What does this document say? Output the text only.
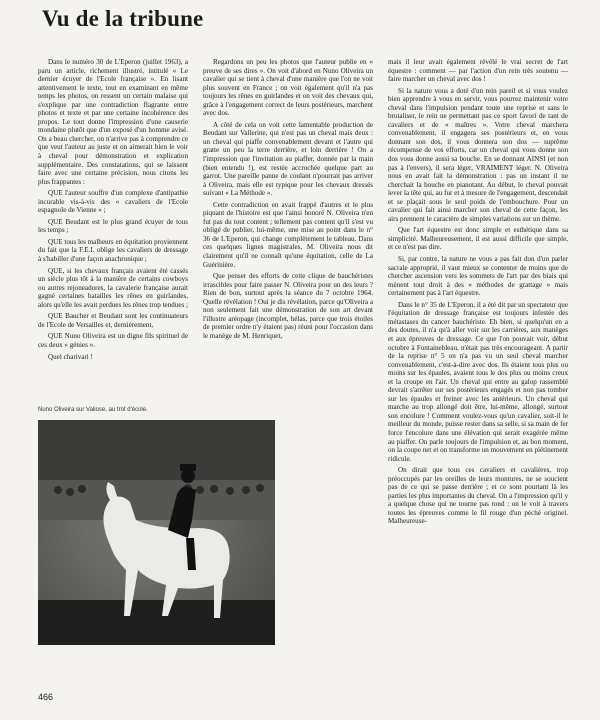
Vu de la tribune

Dans le numéro 30 de L'Eperon (juillet 1963), a paru un article, richement illustré, intitulé « Le dernier écuyer de l'Ecole française ». En lisant attentivement le texte, tout en examinant en même temps les photos, on ressent un certain malaise qui s'explique par une contradiction flagrante entre photos et texte et par une certaine incohérence des propos. Le tout donne l'impression d'une causerie mondaine plutôt que d'un exposé d'un homme avisé. On a beau chercher, on n'arrive pas à comprendre ce que veut l'auteur au juste et on aimerait bien le voir à cheval pour démonstration et explication supplémentaire. Des constatations, qui se laissent faire avec une certaine précision, nous citons les plus frappantes :

QUE l'auteur souffre d'un complexe d'antipathie incurable vis-à-vis des « cavaliers de l'Ecole espagnole de Vienne » ;

QUE Beudant est le plus grand écuyer de tous les temps ;

QUE tous les malheurs en équitation proviennent du fait que la F.E.I. oblige les cavaliers de dressage à s'habiller d'une façon anachronique ;

QUE, si les chevaux français avaient été cassés un siècle plus tôt à la manière de certains cowboys ou autres rejoneadores, la cavalerie française aurait gagné certaines batailles les rênes en guirlandes, alors qu'elle les avait perdues les rênes trop tendues ;

QUE Baucher et Beudant sont les continuateurs de l'Ecole de Versailles et, dernièrement,

QUE Nuno Oliveira est un digne fils spirituel de ces deux « génies ».

Quel charivari !

Nuno Oliveira sur Valiose, au trot d'école.

Regardons un peu les photos que l'auteur publie en « preuve de ses dires ». On voit d'abord en Nuno Oliveira un cavalier qui se tient à cheval d'une manière que l'on ne voit plus souvent en France ; on voit également qu'il n'a pas toujours les rênes en guirlandes et on voit des chevaux qui, grâce à l'engagement correct de leurs postérieurs, marchent avec dos.

A côté de cela on voit cette lamentable production de Beudant sur Vallerine, qui n'est pas un cheval mais deux : un cheval qui piaffe convenablement devant et l'autre qui gratte un peu la terre derrière, et loin derrière ! On a l'impression que l'invitation au piaffer, donnée par la main (bien entendu !), est restée accrochée quelque part au garrot. Une pareille panne de coulant n'pourrait pas arriver à Oliveira, mais elle est typique pour les chevaux dressés suivant « La Méthode ».

Cette contradiction en avait frappé d'autres et le plus piquant de l'histoire est que l'ainsi honoré N. Oliveira n'en fut pas du tout content ; tellement pas content qu'il s'est vu obligé de publier, lui-même, une mise au point dans le n° 36 de L'Eperon, qui change complètement le tableau. Dans ces quelques lignes magistrales, M. Oliveira nous dit clairement qu'il ne connaît qu'une équitation, celle de La Guérinière.

Que penser des efforts de cette clique de bauchéristes irrascibles pour faire passer N. Oliveira pour un des leurs ? Rien de bon, surtout après la séance du 7 octobre 1964. Quelle révélation ! Oui je dis révélation, parce qu'Oliveira a non seulement fait une démonstration de son art devant l'illustre aréopage (incomplet, hélas, parce que trois étoiles de premier ordre n'y étaient pas) réuni pour l'occasion dans le manège de M. Henriquet,

mais il leur avait également révélé le vrai secret de l'art équestre : comment — par l'action d'un rein très soutenu — faire marcher un cheval avec dos !

Si la nature vous a doté d'un rein pareil et si vous voulez bien apprendre à vous en servir, vous pourrez maintenir votre cheval dans l'impulsion pendant toute une reprise et sans le brutaliser, le rein ne permettant pas ce sport favori de tant de cavaliers et de « maîtres ». Votre cheval marchera convenablement, il engagera ses postérieurs et, en vous donnant son dos, il vous donnera son dos — suprême récompense de vos efforts, car un cheval qui vous donne son dos vous donne aussi sa bouche. En se donnant AINSI (et non pas à l'envers), il sera léger, VRAIMENT léger. N. Oliveira nous en avait fait la démonstration : pas un instant il ne cherchait la bouche en pianotant. Au début, le cheval pouvait lever la tête qui, au fur et à mesure de l'engagement, descendait et se plaçait sous le seul poids de l'embouchure. Pour un cavalier qui fait ainsi marcher son cheval de cette façon, les airs prennent le caractère de simples variations sur un thème.

Que l'art équestre est donc simple et esthétique dans sa simplicité. Malheureusement, il est aussi difficile que simple, et ce n'est pas dire.

Si, par contre, la nature ne vous a pas fait don d'un parler sacrale approprié, il vaut mieux se contenter de moins que de chercher ascension vers les sommets de l'art par des biais qui mènent tout droit à des « méthodes de grattage » mais certainement pas à l'art équestre.

Dans le n° 35 de L'Eperon, il a été dit par un spectateur que l'équitation de dressage française est toujours infestée des métastases du cancer bauchériste. Eh bien, si quelqu'un en a des doutes, il n'a qu'à aller voir sur les carrières, aux manèges et aux épreuves de dressage. Ce que l'on pouvait voir, début octobre à Fontainebleau, n'était pas très encourageant. A partir de la reprise n° 5 on n'a pas vu un seul cheval marcher convenablement, c'est-à-dire avec dos. Ils étaient tous plus ou moins sur les épaules, avaient tous le dos plus ou moins creux et la croupe en l'air. Un cheval qui entre au galop rassemblé devrait s'arrêter sur ses postérieurs engagés et non pas tomber sur les épaules et freiner avec les antérieurs. Un cheval qui marche au trop allongé doit être, lui-même, allongé, surtout son encolure ! Comment voulez-vous qu'un cavalier, soit-il le meilleur du monde, puisse rester dans sa selle, si sa main de fer force l'encolure dans une élévation qui serait exagérée même au piaffer. On parle toujours de l'impulsion et, au bon moment, on la coupe net et on transforme un mouvement en piétinement ridicule.

On dirait que tous ces cavaliers et cavalières, trop préoccupés par les oreilles de leurs montures, ne se soucient pas de ce qui se passe derrière ; et ce sont pourtant là les parties les plus importantes du cheval. On a l'impression qu'il y a quelque chose qui ne tourne pas rond : on le voit à travers toutes les épreuves comme le fil rouge d'un péché originel. Malheureuse-

466
